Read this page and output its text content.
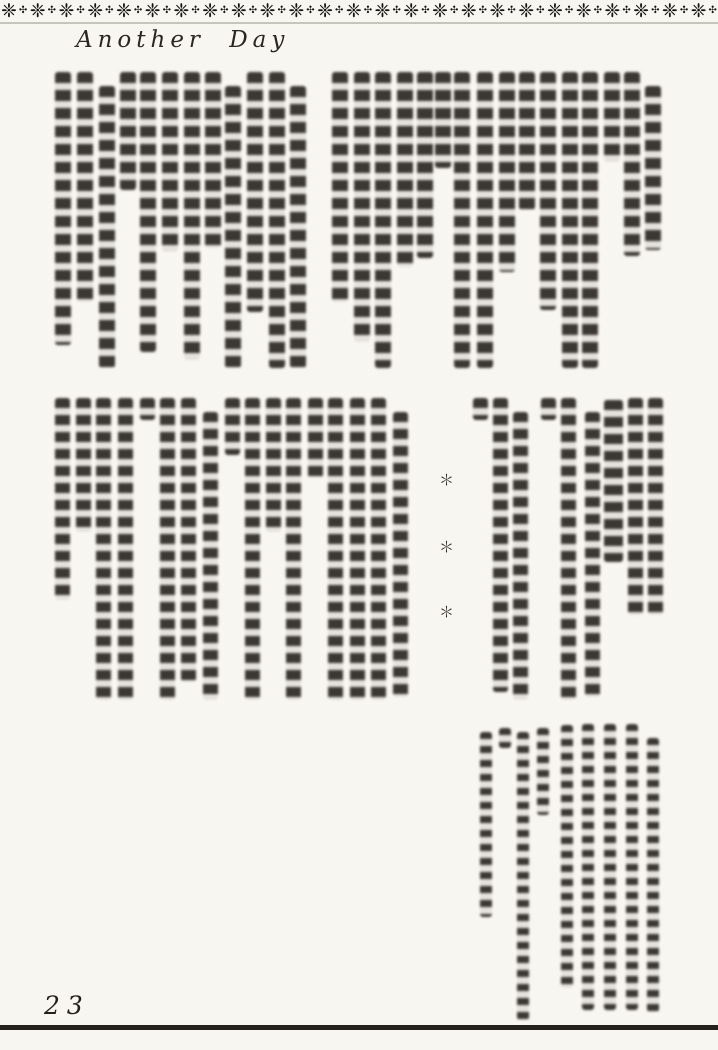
❈ ✣ ❈ ✣ ❈ ✣ ❈ ✣ ❈ ✣ ❈ ✣ ❈ ✣ ❈ ✣ ❈ ✣ ❈ ✣ ❈ ✣ ❈ ✣ ❈ ✣ ❈ ✣ ❈ ✣ ❈ ✣ ❈ ✣ ❈ ✣ ❈ ✣ ❈ ✣ ❈ ✣ ❈ ✣ ❈ ✣ ❈ ✣ ❈ ✣
Another Day
＊
＊
＊
23
